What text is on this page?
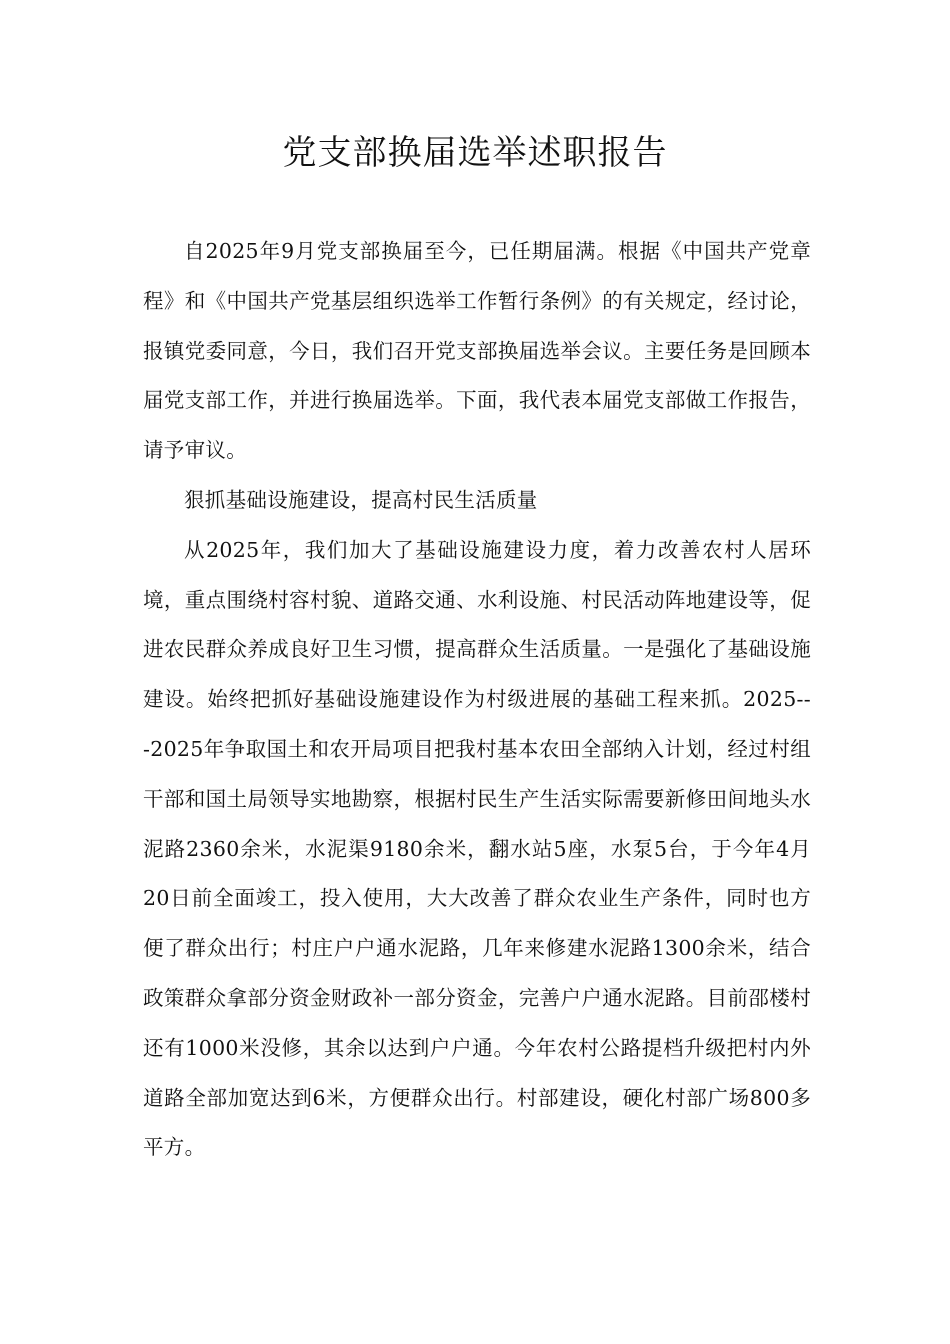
党支部换届选举述职报告

自2025年9月党支部换届至今，已任期届满。根据《中国共产党章程》和《中国共产党基层组织选举工作暂行条例》的有关规定，经讨论，报镇党委同意，今日，我们召开党支部换届选举会议。主要任务是回顾本届党支部工作，并进行换届选举。下面，我代表本届党支部做工作报告，请予审议。

狠抓基础设施建设，提高村民生活质量

从2025年，我们加大了基础设施建设力度，着力改善农村人居环境，重点围绕村容村貌、道路交通、水利设施、村民活动阵地建设等，促进农民群众养成良好卫生习惯，提高群众生活质量。一是强化了基础设施建设。始终把抓好基础设施建设作为村级进展的基础工程来抓。2025---2025年争取国土和农开局项目把我村基本农田全部纳入计划，经过村组干部和国土局领导实地勘察，根据村民生产生活实际需要新修田间地头水泥路2360余米，水泥渠9180余米，翻水站5座，水泵5台，于今年4月20日前全面竣工，投入使用，大大改善了群众农业生产条件，同时也方便了群众出行；村庄户户通水泥路，几年来修建水泥路1300余米，结合政策群众拿部分资金财政补一部分资金，完善户户通水泥路。目前邵楼村还有1000米没修，其余以达到户户通。今年农村公路提档升级把村内外道路全部加宽达到6米，方便群众出行。村部建设，硬化村部广场800多平方。
